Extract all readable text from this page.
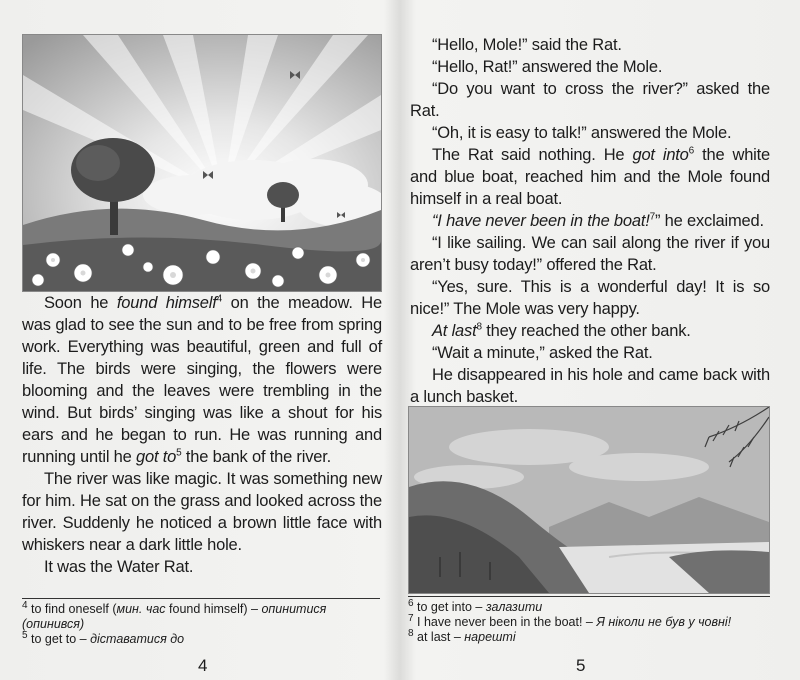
Soon he found himself$^4$ on the meadow. He was glad to see the sun and to be free from spring work. Everything was beautiful, green and full of life. The birds were singing, the flowers were blooming and the leaves were trembling in the wind. But birds’ singing was like a shout for his ears and he began to run. He was running and running until he got $to^5$ the bank of the river.

The river was like magic. It was something new for him. He sat on the grass and looked across the river. Suddenly he noticed a brown little face with whiskers near a dark little hole.

It was the Water Rat.

$^4$ to find oneself (мин. час found himself) – опинитися (опинився)

$^5$ to get to – діставатися до

4

“Hello, Mole!” said the Rat.

“Hello, Rat!” answered the Mole.

“Do you want to cross the river?” asked the Rat.

“Oh, it is easy to talk!” answered the Mole.

The Rat said nothing. He got into$^6$ the white and blue boat, reached him and the Mole found himself in a real boat.

“I have never been in the boat!$^7$” he exclaimed.

“I like sailing. We can sail along the river if you aren’t busy today!” offered the Rat.

“Yes, sure. This is a wonderful day! It is so nice!” The Mole was very happy.

At last$^8$ they reached the other bank.

“Wait a minute,” asked the Rat.

He disappeared in his hole and came back with a lunch basket.

$^6$ to get into – залазити

$^7$ I have never been in the boat! – Я ніколи не був у човні!

$^8$ at last – нарешті

5
